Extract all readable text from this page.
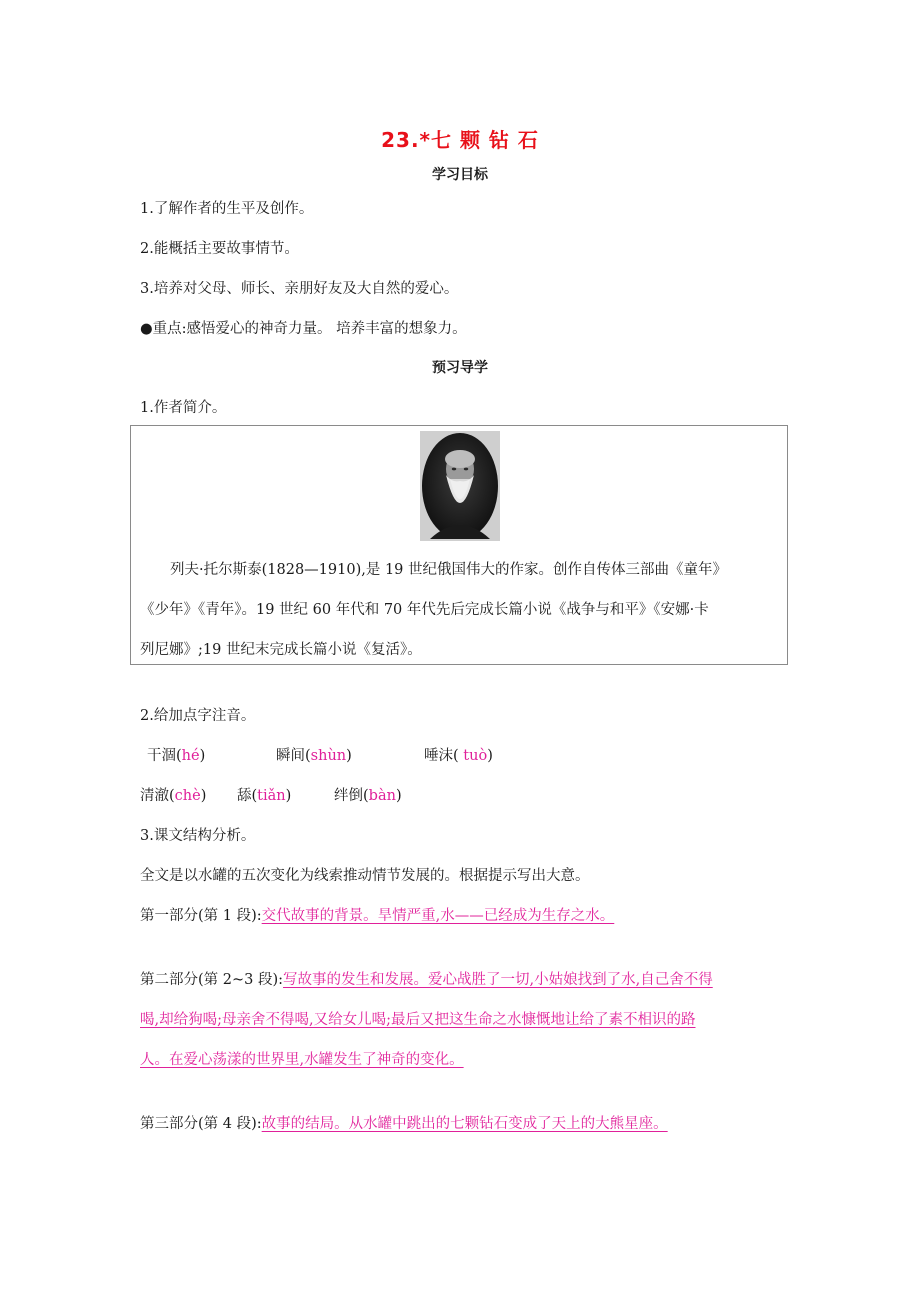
23.*七 颗 钻 石
学习目标
1.了解作者的生平及创作。
2.能概括主要故事情节。
3.培养对父母、师长、亲朋好友及大自然的爱心。
●重点:感悟爱心的神奇力量。 培养丰富的想象力。
预习导学
1.作者简介。
列夫·托尔斯泰(1828—1910),是 19 世纪俄国伟大的作家。创作自传体三部曲《童年》
《少年》《青年》。19 世纪 60 年代和 70 年代先后完成长篇小说《战争与和平》《安娜·卡
列尼娜》;19 世纪末完成长篇小说《复活》。
2.给加点字注音。
干涸(hé)	瞬间(shùn)	唾沫( tuò)
清澈(chè) 舔(tiǎn)	绊倒(bàn)
3.课文结构分析。
全文是以水罐的五次变化为线索推动情节发展的。根据提示写出大意。
第一部分(第 1 段):交代故事的背景。旱情严重,水——已经成为生存之水。
第二部分(第 2~3 段):写故事的发生和发展。爱心战胜了一切,小姑娘找到了水,自己舍不得
喝,却给狗喝;母亲舍不得喝,又给女儿喝;最后又把这生命之水慷慨地让给了素不相识的路
人。在爱心荡漾的世界里,水罐发生了神奇的变化。
第三部分(第 4 段):故事的结局。从水罐中跳出的七颗钻石变成了天上的大熊星座。
